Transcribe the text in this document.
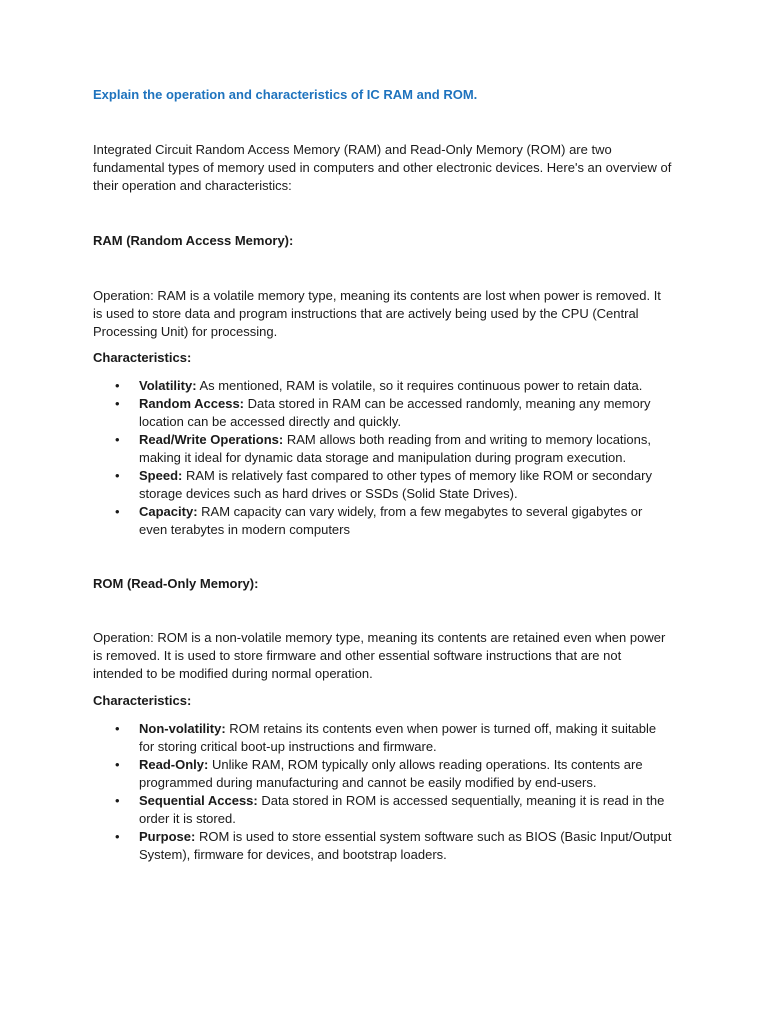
Explain the operation and characteristics of IC RAM and ROM.

Integrated Circuit Random Access Memory (RAM) and Read-Only Memory (ROM) are two fundamental types of memory used in computers and other electronic devices. Here's an overview of their operation and characteristics:

RAM (Random Access Memory):

Operation: RAM is a volatile memory type, meaning its contents are lost when power is removed. It is used to store data and program instructions that are actively being used by the CPU (Central Processing Unit) for processing.

Characteristics:
• Volatility: As mentioned, RAM is volatile, so it requires continuous power to retain data.
• Random Access: Data stored in RAM can be accessed randomly, meaning any memory location can be accessed directly and quickly.
• Read/Write Operations: RAM allows both reading from and writing to memory locations, making it ideal for dynamic data storage and manipulation during program execution.
• Speed: RAM is relatively fast compared to other types of memory like ROM or secondary storage devices such as hard drives or SSDs (Solid State Drives).
• Capacity: RAM capacity can vary widely, from a few megabytes to several gigabytes or even terabytes in modern computers
ROM (Read-Only Memory):

Operation: ROM is a non-volatile memory type, meaning its contents are retained even when power is removed. It is used to store firmware and other essential software instructions that are not intended to be modified during normal operation.

Characteristics:
• Non-volatility: ROM retains its contents even when power is turned off, making it suitable for storing critical boot-up instructions and firmware.
• Read-Only: Unlike RAM, ROM typically only allows reading operations. Its contents are programmed during manufacturing and cannot be easily modified by end-users.
• Sequential Access: Data stored in ROM is accessed sequentially, meaning it is read in the order it is stored.
• Purpose: ROM is used to store essential system software such as BIOS (Basic Input/Output System), firmware for devices, and bootstrap loaders.
